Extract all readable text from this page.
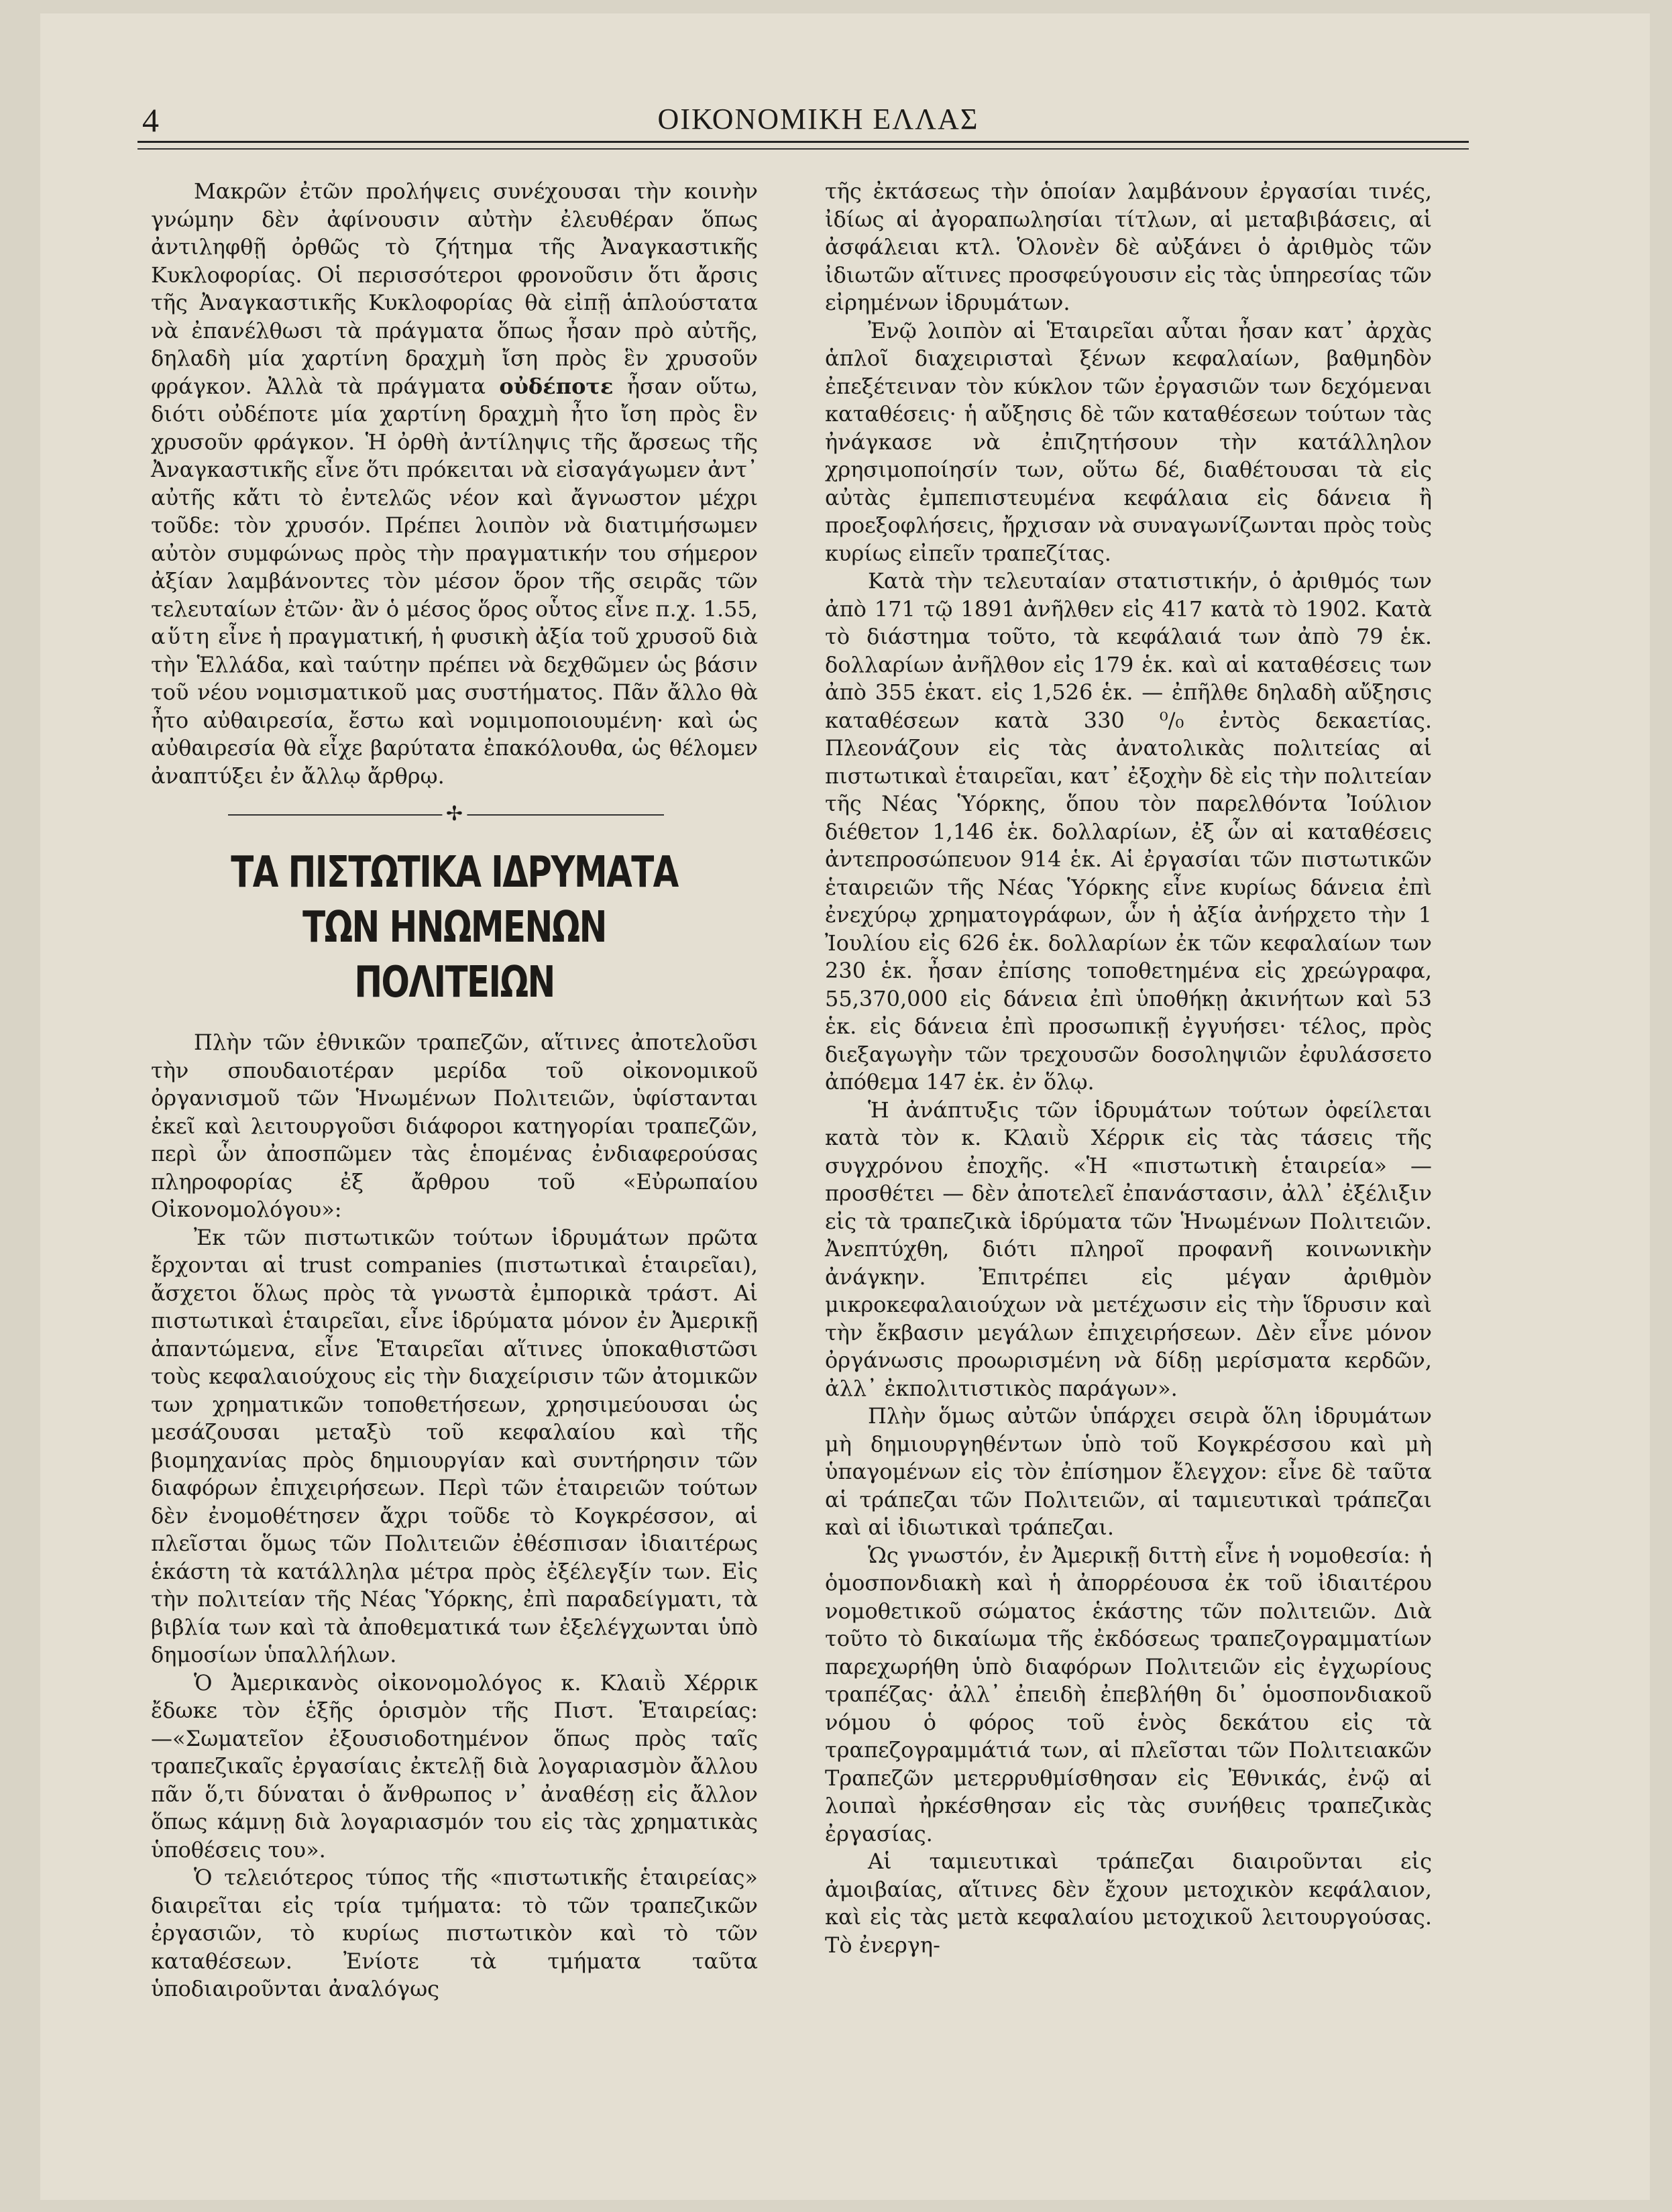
4	ΟΙΚΟΝΟΜΙΚΗ ΕΛΛΑΣ

Μακρῶν ἐτῶν προλήψεις συνέχουσαι τὴν κοινὴν γνώμην δὲν ἀφίνουσιν αὐτὴν ἐλευθέραν ὅπως ἀντιληφθῇ ὀρθῶς τὸ ζήτημα τῆς Ἀναγκαστικῆς Κυκλοφορίας. Οἱ περισσότεροι φρονοῦσιν ὅτι ἄρσις τῆς Ἀναγκαστικῆς Κυκλοφορίας θὰ εἰπῇ ἁπλούστατα νὰ ἐπανέλθωσι τὰ πράγματα ὅπως ἦσαν πρὸ αὐτῆς, δηλαδὴ μία χαρτίνη δραχμὴ ἴση πρὸς ἓν χρυσοῦν φράγκον. Ἀλλὰ τὰ πράγματα οὐδέποτε ἦσαν οὕτω, διότι οὐδέποτε μία χαρτίνη δραχμὴ ἦτο ἴση πρὸς ἓν χρυσοῦν φράγκον. Ἡ ὀρθὴ ἀντίληψις τῆς ἄρσεως τῆς Ἀναγκαστικῆς εἶνε ὅτι πρόκειται νὰ εἰσαγάγωμεν ἀντ᾽ αὐτῆς κἄτι τὸ ἐντελῶς νέον καὶ ἄγνωστον μέχρι τοῦδε: τὸν χρυσόν. Πρέπει λοιπὸν νὰ διατιμήσωμεν αὐτὸν συμφώνως πρὸς τὴν πραγματικήν του σήμερον ἀξίαν λαμβάνοντες τὸν μέσον ὅρον τῆς σειρᾶς τῶν τελευταίων ἐτῶν· ἂν ὁ μέσος ὅρος οὗτος εἶνε π.χ. 1.55, αὕτη εἶνε ἡ πραγματική, ἡ φυσικὴ ἀξία τοῦ χρυσοῦ διὰ τὴν Ἑλλάδα, καὶ ταύτην πρέπει νὰ δεχθῶμεν ὡς βάσιν τοῦ νέου νομισματικοῦ μας συστήματος. Πᾶν ἄλλο θὰ ἦτο αὐθαιρεσία, ἔστω καὶ νομιμοποιουμένη· καὶ ὡς αὐθαιρεσία θὰ εἶχε βαρύτατα ἐπακόλουθα, ὡς θέλομεν ἀναπτύξει ἐν ἄλλῳ ἄρθρῳ.

✢
ΤΑ ΠΙΣΤΩΤΙΚΑ ΙΔΡΥΜΑΤΑ
ΤΩΝ ΗΝΩΜΕΝΩΝ ΠΟΛΙΤΕΙΩΝ

Πλὴν τῶν ἐθνικῶν τραπεζῶν, αἵτινες ἀποτελοῦσι τὴν σπουδαιοτέραν μερίδα τοῦ οἰκονομικοῦ ὀργανισμοῦ τῶν Ἡνωμένων Πολιτειῶν, ὑφίστανται ἐκεῖ καὶ λειτουργοῦσι διάφοροι κατηγορίαι τραπεζῶν, περὶ ὧν ἀποσπῶμεν τὰς ἑπομένας ἐνδιαφερούσας πληροφορίας ἐξ ἄρθρου τοῦ «Εὐρωπαίου Οἰκονομολόγου»:

Ἐκ τῶν πιστωτικῶν τούτων ἱδρυμάτων πρῶτα ἔρχονται αἱ trust companies (πιστωτικαὶ ἑταιρεῖαι), ἄσχετοι ὅλως πρὸς τὰ γνωστὰ ἐμπορικὰ τράστ. Αἱ πιστωτικαὶ ἑταιρεῖαι, εἶνε ἱδρύματα μόνον ἐν Ἀμερικῇ ἀπαντώμενα, εἶνε Ἑταιρεῖαι αἵτινες ὑποκαθιστῶσι τοὺς κεφαλαιούχους εἰς τὴν διαχείρισιν τῶν ἀτομικῶν των χρηματικῶν τοποθετήσεων, χρησιμεύουσαι ὡς μεσάζουσαι μεταξὺ τοῦ κεφαλαίου καὶ τῆς βιομηχανίας πρὸς δημιουργίαν καὶ συντήρησιν τῶν διαφόρων ἐπιχειρήσεων. Περὶ τῶν ἑταιρειῶν τούτων δὲν ἐνομοθέτησεν ἄχρι τοῦδε τὸ Κογκρέσσον, αἱ πλεῖσται ὅμως τῶν Πολιτειῶν ἐθέσπισαν ἰδιαιτέρως ἑκάστη τὰ κατάλληλα μέτρα πρὸς ἐξέλεγξίν των. Εἰς τὴν πολιτείαν τῆς Νέας Ὑόρκης, ἐπὶ παραδείγματι, τὰ βιβλία των καὶ τὰ ἀποθεματικά των ἐξελέγχωνται ὑπὸ δημοσίων ὑπαλλήλων.

Ὁ Ἀμερικανὸς οἰκονομολόγος κ. Κλαιῢ Χέρρικ ἔδωκε τὸν ἑξῆς ὁρισμὸν τῆς Πιστ. Ἑταιρείας: —«Σωματεῖον ἐξουσιοδοτημένον ὅπως πρὸς ταῖς τραπεζικαῖς ἐργασίαις ἐκτελῇ διὰ λογαριασμὸν ἄλλου πᾶν ὅ,τι δύναται ὁ ἄνθρωπος ν᾽ ἀναθέσῃ εἰς ἄλλον ὅπως κάμνῃ διὰ λογαριασμόν του εἰς τὰς χρηματικὰς ὑποθέσεις του».

Ὁ τελειότερος τύπος τῆς «πιστωτικῆς ἑταιρείας» διαιρεῖται εἰς τρία τμήματα: τὸ τῶν τραπεζικῶν ἐργασιῶν, τὸ κυρίως πιστωτικὸν καὶ τὸ τῶν καταθέσεων. Ἐνίοτε τὰ τμήματα ταῦτα ὑποδιαιροῦνται ἀναλόγως

τῆς ἐκτάσεως τὴν ὁποίαν λαμβάνουν ἐργασίαι τινές, ἰδίως αἱ ἀγοραπωλησίαι τίτλων, αἱ μεταβιβάσεις, αἱ ἀσφάλειαι κτλ. Ὁλονὲν δὲ αὐξάνει ὁ ἀριθμὸς τῶν ἰδιωτῶν αἵτινες προσφεύγουσιν εἰς τὰς ὑπηρεσίας τῶν εἰρημένων ἱδρυμάτων.

Ἐνῷ λοιπὸν αἱ Ἑταιρεῖαι αὗται ἦσαν κατ᾽ ἀρχὰς ἁπλοῖ διαχειρισταὶ ξένων κεφαλαίων, βαθμηδὸν ἐπεξέτειναν τὸν κύκλον τῶν ἐργασιῶν των δεχόμεναι καταθέσεις· ἡ αὔξησις δὲ τῶν καταθέσεων τούτων τὰς ἠνάγκασε νὰ ἐπιζητήσουν τὴν κατάλληλον χρησιμοποίησίν των, οὕτω δέ, διαθέτουσαι τὰ εἰς αὐτὰς ἐμπεπιστευμένα κεφάλαια εἰς δάνεια ἢ προεξοφλήσεις, ἤρχισαν νὰ συναγωνίζωνται πρὸς τοὺς κυρίως εἰπεῖν τραπεζίτας.

Κατὰ τὴν τελευταίαν στατιστικήν, ὁ ἀριθμός των ἀπὸ 171 τῷ 1891 ἀνῆλθεν εἰς 417 κατὰ τὸ 1902. Κατὰ τὸ διάστημα τοῦτο, τὰ κεφάλαιά των ἀπὸ 79 ἑκ. δολλαρίων ἀνῆλθον εἰς 179 ἑκ. καὶ αἱ καταθέσεις των ἀπὸ 355 ἑκατ. εἰς 1,526 ἑκ. — ἐπῆλθε δηλαδὴ αὔξησις καταθέσεων κατὰ 330 ⁰/₀ ἐντὸς δεκαετίας. Πλεονάζουν εἰς τὰς ἀνατολικὰς πολιτείας αἱ πιστωτικαὶ ἑταιρεῖαι, κατ᾽ ἐξοχὴν δὲ εἰς τὴν πολιτείαν τῆς Νέας Ὑόρκης, ὅπου τὸν παρελθόντα Ἰούλιον διέθετον 1,146 ἑκ. δολλαρίων, ἐξ ὧν αἱ καταθέσεις ἀντεπροσώπευον 914 ἑκ. Αἱ ἐργασίαι τῶν πιστωτικῶν ἑταιρειῶν τῆς Νέας Ὑόρκης εἶνε κυρίως δάνεια ἐπὶ ἐνεχύρῳ χρηματογράφων, ὧν ἡ ἀξία ἀνήρχετο τὴν 1 Ἰουλίου εἰς 626 ἑκ. δολλαρίων ἐκ τῶν κεφαλαίων των 230 ἑκ. ἦσαν ἐπίσης τοποθετημένα εἰς χρεώγραφα, 55,370,000 εἰς δάνεια ἐπὶ ὑποθήκῃ ἀκινήτων καὶ 53 ἑκ. εἰς δάνεια ἐπὶ προσωπικῇ ἐγγυήσει· τέλος, πρὸς διεξαγωγὴν τῶν τρεχουσῶν δοσοληψιῶν ἐφυλάσσετο ἀπόθεμα 147 ἑκ. ἐν ὅλῳ.

Ἡ ἀνάπτυξις τῶν ἱδρυμάτων τούτων ὀφείλεται κατὰ τὸν κ. Κλαιῢ Χέρρικ εἰς τὰς τάσεις τῆς συγχρόνου ἐποχῆς. «Ἡ «πιστωτικὴ ἑταιρεία» — προσθέτει — δὲν ἀποτελεῖ ἐπανάστασιν, ἀλλ᾽ ἐξέλιξιν εἰς τὰ τραπεζικὰ ἱδρύματα τῶν Ἡνωμένων Πολιτειῶν. Ἀνεπτύχθη, διότι πληροῖ προφανῆ κοινωνικὴν ἀνάγκην. Ἐπιτρέπει εἰς μέγαν ἀριθμὸν μικροκεφαλαιούχων νὰ μετέχωσιν εἰς τὴν ἵδρυσιν καὶ τὴν ἔκβασιν μεγάλων ἐπιχειρήσεων. Δὲν εἶνε μόνον ὀργάνωσις προωρισμένη νὰ δίδῃ μερίσματα κερδῶν, ἀλλ᾽ ἐκπολιτιστικὸς παράγων».

Πλὴν ὅμως αὐτῶν ὑπάρχει σειρὰ ὅλη ἱδρυμάτων μὴ δημιουργηθέντων ὑπὸ τοῦ Κογκρέσσου καὶ μὴ ὑπαγομένων εἰς τὸν ἐπίσημον ἔλεγχον: εἶνε δὲ ταῦτα αἱ τράπεζαι τῶν Πολιτειῶν, αἱ ταμιευτικαὶ τράπεζαι καὶ αἱ ἰδιωτικαὶ τράπεζαι.

Ὡς γνωστόν, ἐν Ἀμερικῇ διττὴ εἶνε ἡ νομοθεσία: ἡ ὁμοσπονδιακὴ καὶ ἡ ἀπορρέουσα ἐκ τοῦ ἰδιαιτέρου νομοθετικοῦ σώματος ἑκάστης τῶν πολιτειῶν. Διὰ τοῦτο τὸ δικαίωμα τῆς ἐκδόσεως τραπεζογραμματίων παρεχωρήθη ὑπὸ διαφόρων Πολιτειῶν εἰς ἐγχωρίους τραπέζας· ἀλλ᾽ ἐπειδὴ ἐπεβλήθη δι᾽ ὁμοσπονδιακοῦ νόμου ὁ φόρος τοῦ ἑνὸς δεκάτου εἰς τὰ τραπεζογραμμάτιά των, αἱ πλεῖσται τῶν Πολιτειακῶν Τραπεζῶν μετερρυθμίσθησαν εἰς Ἐθνικάς, ἐνῷ αἱ λοιπαὶ ἠρκέσθησαν εἰς τὰς συνήθεις τραπεζικὰς ἐργασίας.

Αἱ ταμιευτικαὶ τράπεζαι διαιροῦνται εἰς ἀμοιβαίας, αἵτινες δὲν ἔχουν μετοχικὸν κεφάλαιον, καὶ εἰς τὰς μετὰ κεφαλαίου μετοχικοῦ λειτουργούσας. Τὸ ἐνεργη-
